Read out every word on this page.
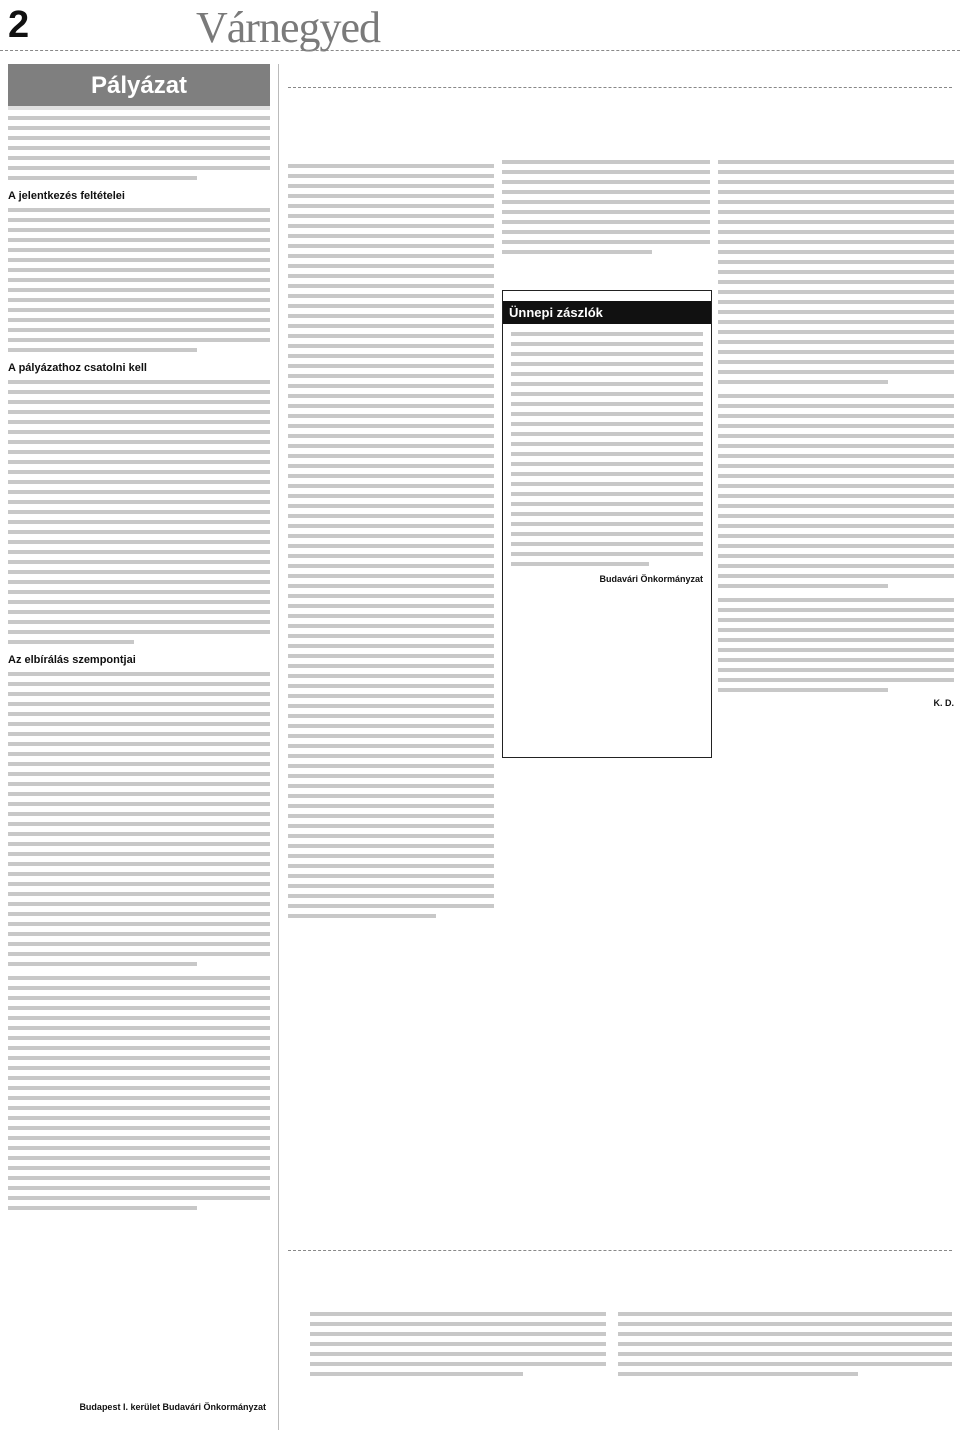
2	Várnegyed
Pályázat
A jelentkezés feltételei
A pályázathoz csatolni kell
Az elbírálás szempontjai
Budapest I. kerület Budavári Önkormányzat
Ünnepi zászlók
Budavári Önkormányzat
K. D.
